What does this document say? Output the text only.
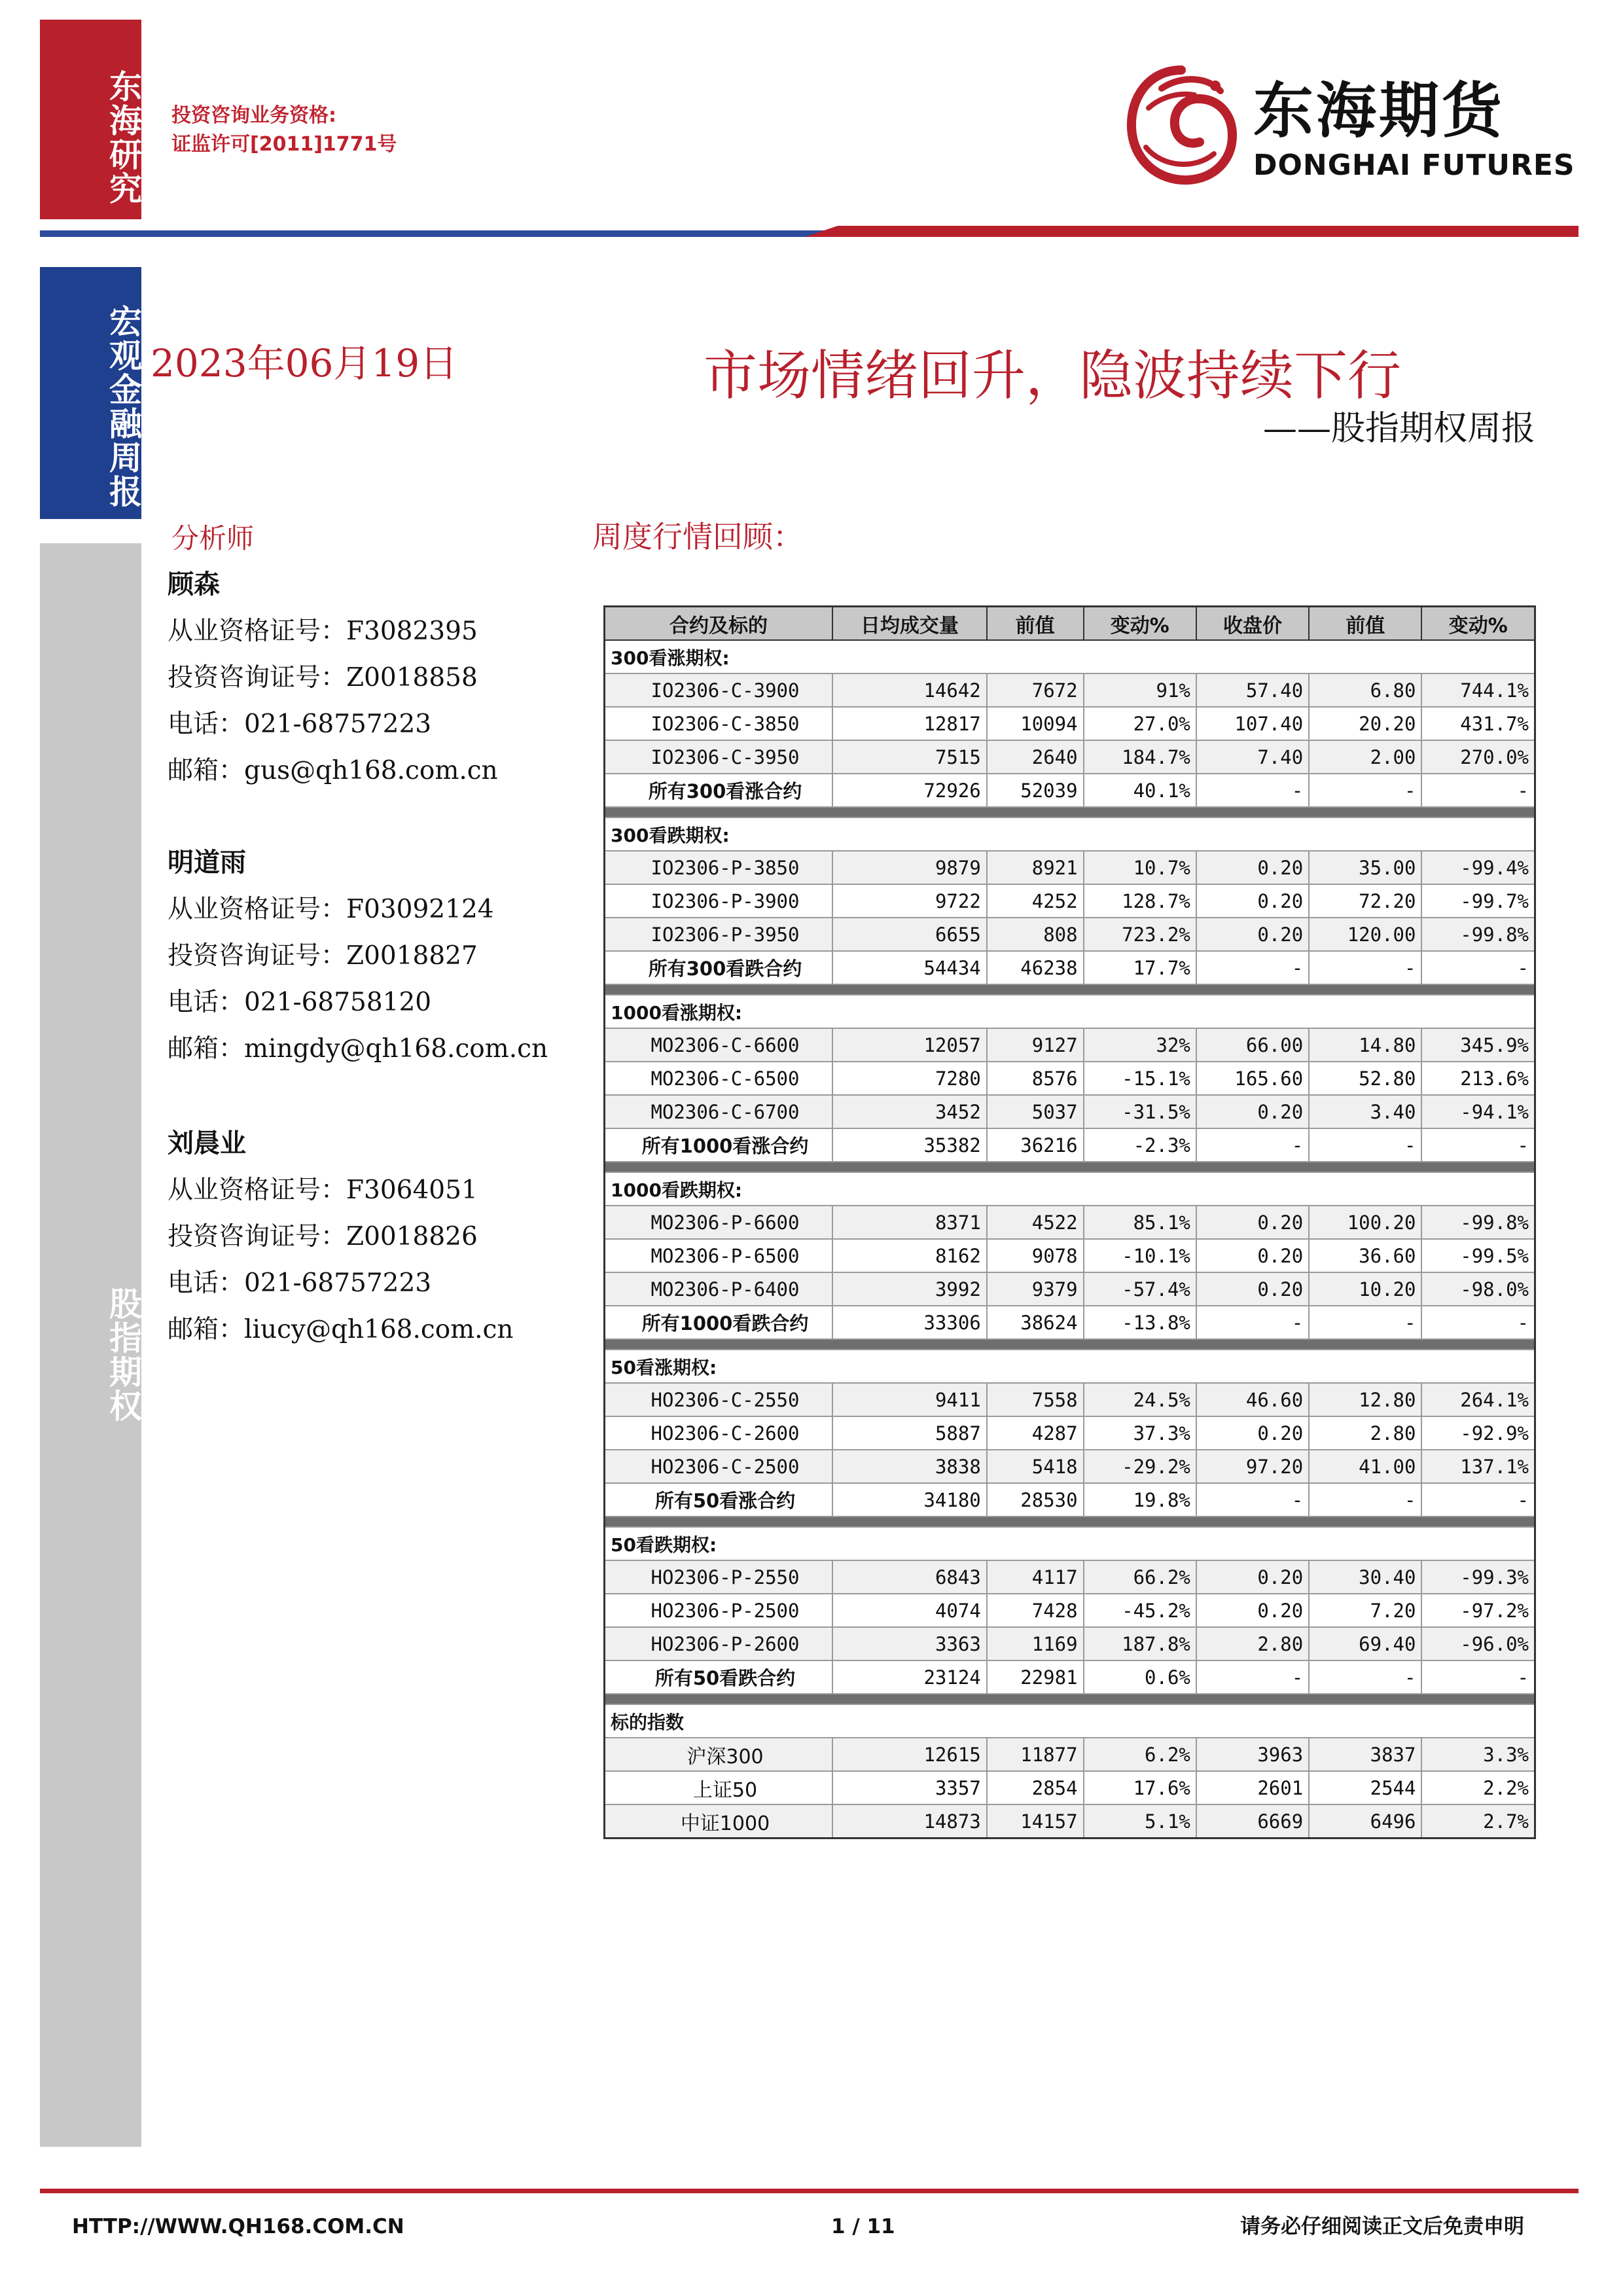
东海研究
宏观金融周报
股指期权
投资咨询业务资格:
证监许可[2011]1771号	东海期货
DONGHAI FUTURES
2023年06月19日	市场情绪回升，隐波持续下行
——股指期权周报
分析师
顾森
从业资格证号：F3082395
投资咨询证号：Z0018858
电话：021-68757223
邮箱：gus@qh168.com.cn
明道雨
从业资格证号：F03092124
投资咨询证号：Z0018827
电话：021-68758120
邮箱：mingdy@qh168.com.cn
刘晨业
从业资格证号：F3064051
投资咨询证号：Z0018826
电话：021-68757223
邮箱：liucy@qh168.com.cn
周度行情回顾：
合约及标的	日均成交量	前值	变动%	收盘价	前值	变动%
300看涨期权:						
IO2306-C-3900	14642	7672	91%	57.40	6.80	744.1%
IO2306-C-3850	12817	10094	27.0%	107.40	20.20	431.7%
IO2306-C-3950	7515	2640	184.7%	7.40	2.00	270.0%
所有300看涨合约	72926	52039	40.1%	-	-	-

300看跌期权:						
IO2306-P-3850	9879	8921	10.7%	0.20	35.00	-99.4%
IO2306-P-3900	9722	4252	128.7%	0.20	72.20	-99.7%
IO2306-P-3950	6655	808	723.2%	0.20	120.00	-99.8%
所有300看跌合约	54434	46238	17.7%	-	-	-

1000看涨期权:						
MO2306-C-6600	12057	9127	32%	66.00	14.80	345.9%
MO2306-C-6500	7280	8576	-15.1%	165.60	52.80	213.6%
MO2306-C-6700	3452	5037	-31.5%	0.20	3.40	-94.1%
所有1000看涨合约	35382	36216	-2.3%	-	-	-

1000看跌期权:						
MO2306-P-6600	8371	4522	85.1%	0.20	100.20	-99.8%
MO2306-P-6500	8162	9078	-10.1%	0.20	36.60	-99.5%
MO2306-P-6400	3992	9379	-57.4%	0.20	10.20	-98.0%
所有1000看跌合约	33306	38624	-13.8%	-	-	-

50看涨期权:						
HO2306-C-2550	9411	7558	24.5%	46.60	12.80	264.1%
HO2306-C-2600	5887	4287	37.3%	0.20	2.80	-92.9%
HO2306-C-2500	3838	5418	-29.2%	97.20	41.00	137.1%
所有50看涨合约	34180	28530	19.8%	-	-	-

50看跌期权:						
HO2306-P-2550	6843	4117	66.2%	0.20	30.40	-99.3%
HO2306-P-2500	4074	7428	-45.2%	0.20	7.20	-97.2%
HO2306-P-2600	3363	1169	187.8%	2.80	69.40	-96.0%
所有50看跌合约	23124	22981	0.6%	-	-	-

标的指数						
沪深300	12615	11877	6.2%	3963	3837	3.3%
上证50	3357	2854	17.6%	2601	2544	2.2%
中证1000	14873	14157	5.1%	6669	6496	2.7%
HTTP://WWW.QH168.COM.CN	1 / 11	请务必仔细阅读正文后免责申明
